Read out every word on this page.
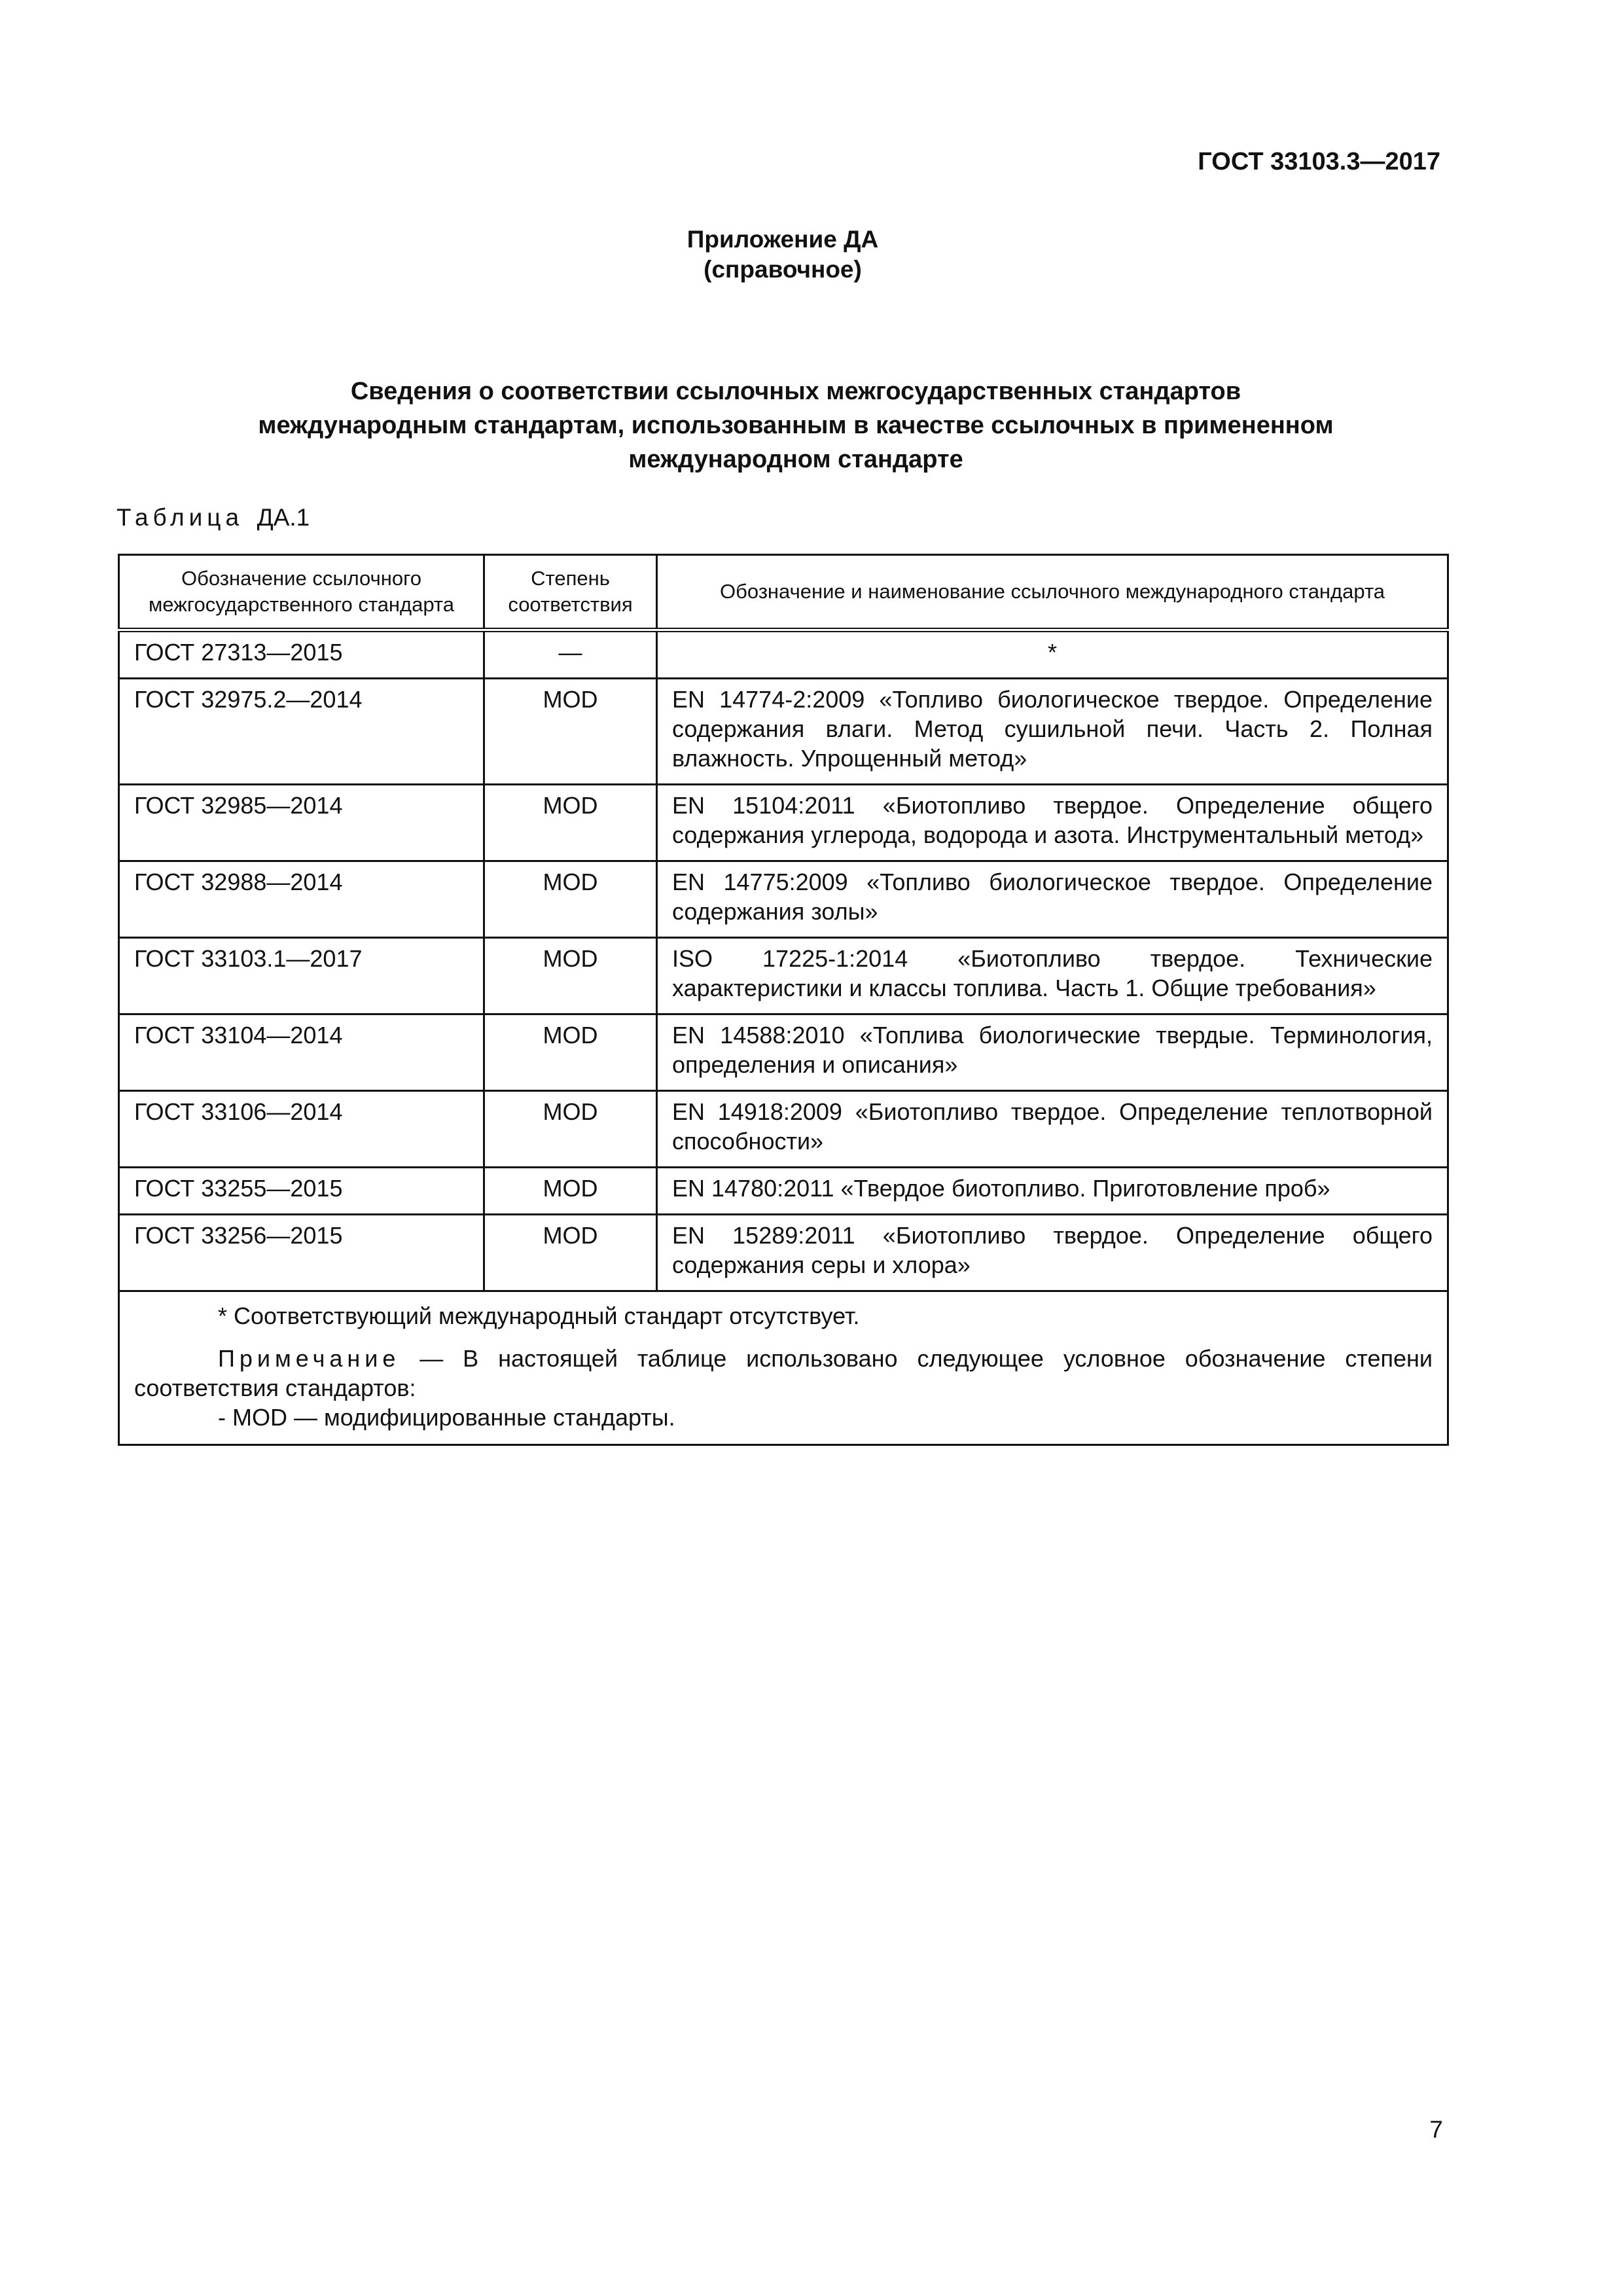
ГОСТ 33103.3—2017
Приложение ДА
(справочное)
Сведения о соответствии ссылочных межгосударственных стандартов
международным стандартам, использованным в качестве ссылочных в примененном
международном стандарте
Таблица ДА.1
Обозначение ссылочного межгосударственного стандарта	Степень соответствия	Обозначение и наименование ссылочного международного стандарта
ГОСТ 27313—2015	—	*
ГОСТ 32975.2—2014	MOD	EN 14774-2:2009 «Топливо биологическое твердое. Определение содержания влаги. Метод сушильной печи. Часть 2. Полная влажность. Упрощенный метод»
ГОСТ 32985—2014	MOD	EN 15104:2011 «Биотопливо твердое. Определение общего содержания углерода, водорода и азота. Инструментальный метод»
ГОСТ 32988—2014	MOD	EN 14775:2009 «Топливо биологическое твердое. Определение содержания золы»
ГОСТ 33103.1—2017	MOD	ISO 17225-1:2014 «Биотопливо твердое. Технические характеристики и классы топлива. Часть 1. Общие требования»
ГОСТ 33104—2014	MOD	EN 14588:2010 «Топлива биологические твердые. Терминология, определения и описания»
ГОСТ 33106—2014	MOD	EN 14918:2009 «Биотопливо твердое. Определение теплотворной способности»
ГОСТ 33255—2015	MOD	EN 14780:2011 «Твердое биотопливо. Приготовление проб»
ГОСТ 33256—2015	MOD	EN 15289:2011 «Биотопливо твердое. Определение общего содержания серы и хлора»

* Соответствующий международный стандарт отсутствует.

Примечание — В настоящей таблице использовано следующее условное обозначение степени соответствия стандартов:

- MOD — модифицированные стандарты.		

7
